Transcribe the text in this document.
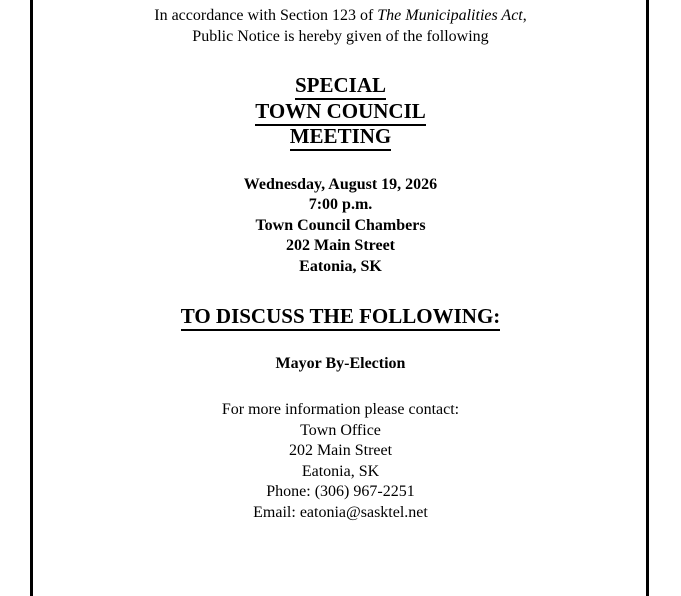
In accordance with Section 123 of The Municipalities Act,
Public Notice is hereby given of the following
SPECIAL
TOWN COUNCIL
MEETING
Wednesday, August 19, 2026
7:00 p.m.
Town Council Chambers
202 Main Street
Eatonia, SK
TO DISCUSS THE FOLLOWING:
Mayor By-Election
For more information please contact:
Town Office
202 Main Street
Eatonia, SK
Phone: (306) 967-2251
Email: eatonia@sasktel.net
